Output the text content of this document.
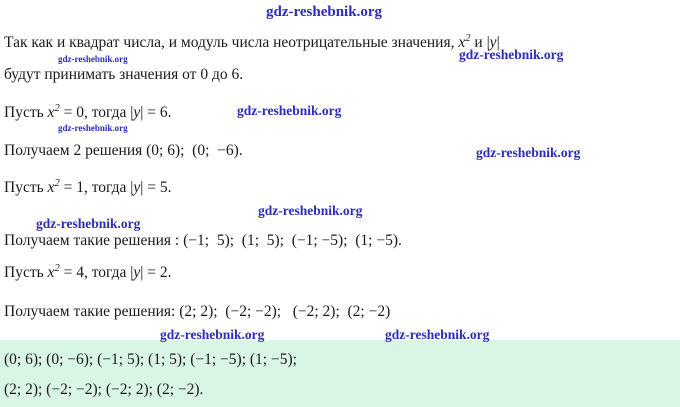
gdz-reshebnik.org
Так как и квадрат числа, и модуль числа неотрицательные значения, $x^2$ и |y|
gdz-reshebnik.org	gdz-reshebnik.org
будут принимать значения от 0 до 6.
Пусть $x^2 = 0$, тогда |y| = 6.
gdz-reshebnik.org
gdz-reshebnik.org
Получаем 2 решения (0; 6);  (0;  −6).	gdz-reshebnik.org
Пусть $x^2 = 1$, тогда |y| = 5.
gdz-reshebnik.org
gdz-reshebnik.org
Получаем такие решения : (−1;  5);  (1;  5);  (−1; −5);  (1; −5).
Пусть $x^2 = 4$, тогда |y| = 2.
Получаем такие решения: (2; 2);  (−2; −2);   (−2; 2);  (2; −2)
gdz-reshebnik.org	gdz-reshebnik.org
(0; 6); (0; −6); (−1; 5); (1; 5); (−1; −5); (1; −5);
(2; 2); (−2; −2); (−2; 2); (2; −2).
